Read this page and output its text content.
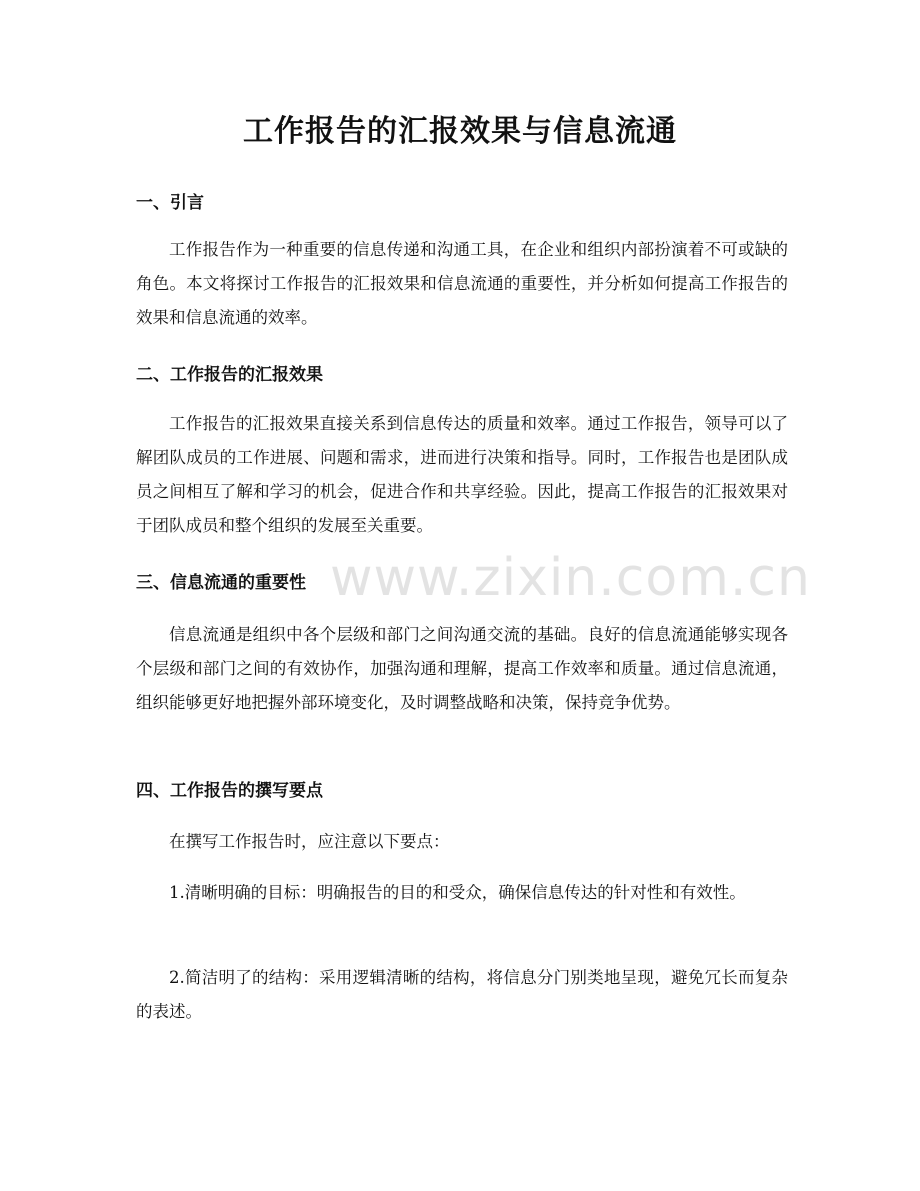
工作报告的汇报效果与信息流通
一、引言

工作报告作为一种重要的信息传递和沟通工具，在企业和组织内部扮演着不可或缺的角色。本文将探讨工作报告的汇报效果和信息流通的重要性，并分析如何提高工作报告的效果和信息流通的效率。

二、工作报告的汇报效果

工作报告的汇报效果直接关系到信息传达的质量和效率。通过工作报告，领导可以了解团队成员的工作进展、问题和需求，进而进行决策和指导。同时，工作报告也是团队成员之间相互了解和学习的机会，促进合作和共享经验。因此，提高工作报告的汇报效果对于团队成员和整个组织的发展至关重要。

三、信息流通的重要性

信息流通是组织中各个层级和部门之间沟通交流的基础。良好的信息流通能够实现各个层级和部门之间的有效协作，加强沟通和理解，提高工作效率和质量。通过信息流通，组织能够更好地把握外部环境变化，及时调整战略和决策，保持竞争优势。

四、工作报告的撰写要点

在撰写工作报告时，应注意以下要点：

1.清晰明确的目标：明确报告的目的和受众，确保信息传达的针对性和有效性。

2.简洁明了的结构：采用逻辑清晰的结构，将信息分门别类地呈现，避免冗长而复杂的表述。

www.zixin.com.cn
